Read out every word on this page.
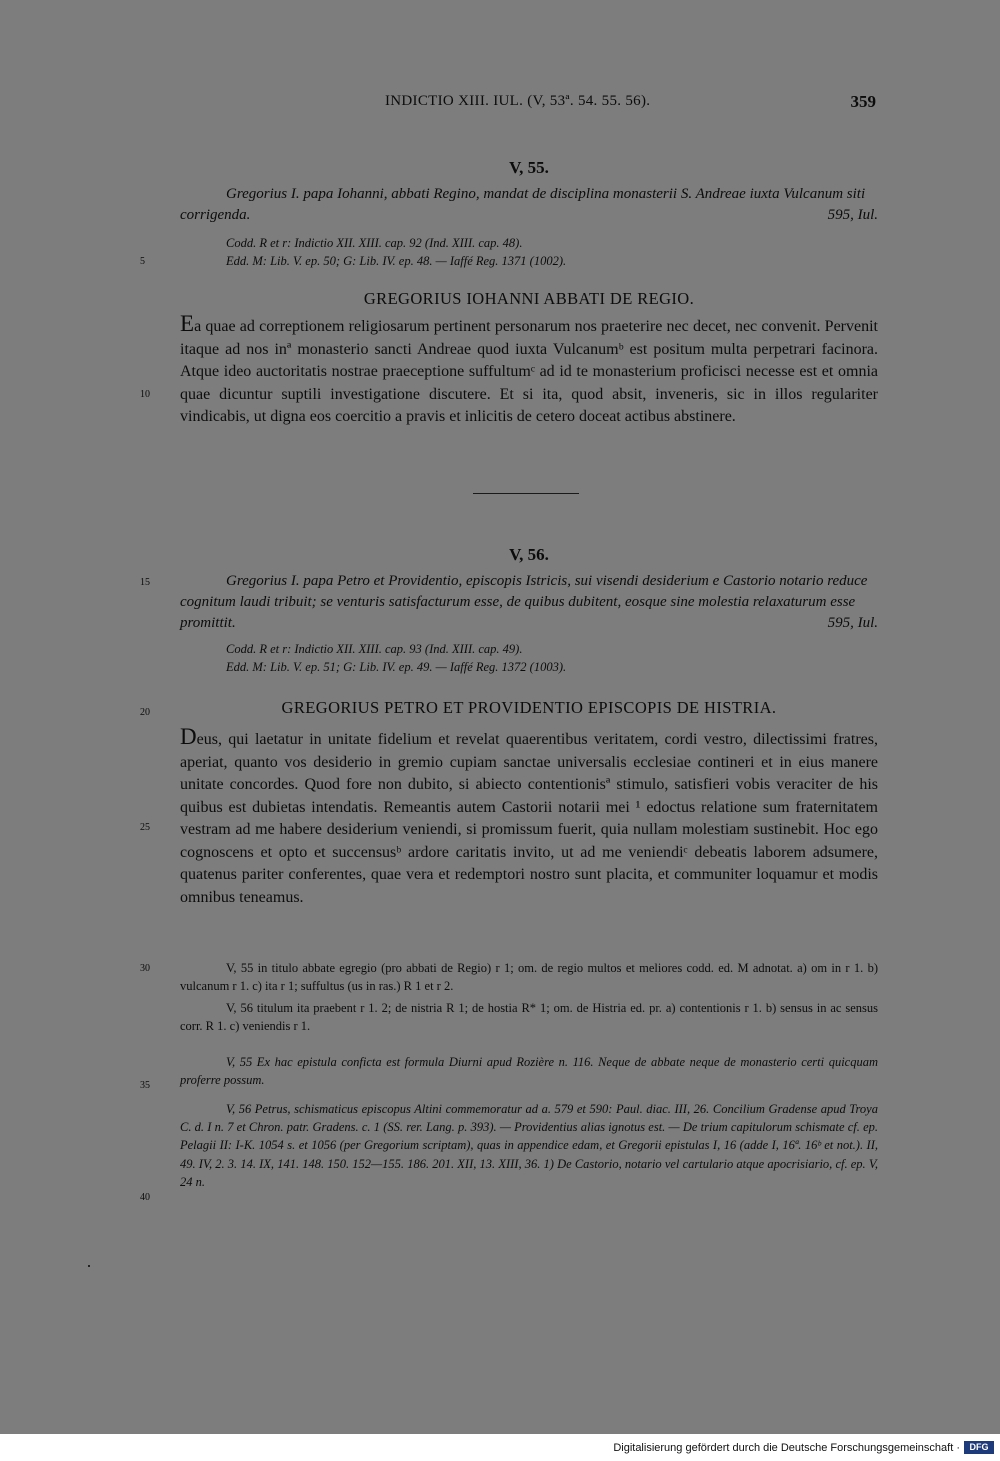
INDICTIO XIII. IUL. (V, 53ª. 54. 55. 56).	359
5
10
15
20
25
30
35
40
V, 55.

Gregorius I. papa Iohanni, abbati Regino, mandat de disciplina monasterii S. Andreae iuxta Vulcanum siti corrigenda.	595, Iul.

Codd. R et r: Indictio XII. XIII. cap. 92 (Ind. XIII. cap. 48).

Edd. M: Lib. V. ep. 50; G: Lib. IV. ep. 48. — Iaffé Reg. 1371 (1002).

GREGORIUS IOHANNI ABBATI DE REGIO.

Ea quae ad correptionem religiosarum pertinent personarum nos praeterire nec decet, nec convenit. Pervenit itaque ad nos inª monasterio sancti Andreae quod iuxta Vulcanumᵇ est positum multa perpetrari facinora. Atque ideo auctoritatis nostrae praeceptione suffultumᶜ ad id te monasterium proficisci necesse est et omnia quae dicuntur suptili investigatione discutere. Et si ita, quod absit, inveneris, sic in illos regulariter vindicabis, ut digna eos coercitio a pravis et inlicitis de cetero doceat actibus abstinere.

V, 56.

Gregorius I. papa Petro et Providentio, episcopis Istricis, sui visendi desiderium e Castorio notario reduce cognitum laudi tribuit; se venturis satisfacturum esse, de quibus dubitent, eosque sine molestia relaxaturum esse promittit.	595, Iul.

Codd. R et r: Indictio XII. XIII. cap. 93 (Ind. XIII. cap. 49).

Edd. M: Lib. V. ep. 51; G: Lib. IV. ep. 49. — Iaffé Reg. 1372 (1003).

GREGORIUS PETRO ET PROVIDENTIO EPISCOPIS DE HISTRIA.

Deus, qui laetatur in unitate fidelium et revelat quaerentibus veritatem, cordi vestro, dilectissimi fratres, aperiat, quanto vos desiderio in gremio cupiam sanctae universalis ecclesiae contineri et in eius manere unitate concordes. Quod fore non dubito, si abiecto contentionisª stimulo, satisfieri vobis veraciter de his quibus est dubietas intendatis. Remeantis autem Castorii notarii mei ¹ edoctus relatione sum fraternitatem vestram ad me habere desiderium veniendi, si promissum fuerit, quia nullam molestiam sustinebit. Hoc ego cognoscens et opto et succensusᵇ ardore caritatis invito, ut ad me veniendiᶜ debeatis laborem adsumere, quatenus pariter conferentes, quae vera et redemptori nostro sunt placita, et communiter loquamur et modis omnibus teneamus.

V, 55 in titulo abbate egregio (pro abbati de Regio) r 1; om. de regio multos et meliores codd. ed. M adnotat. a) om in r 1. b) vulcanum r 1. c) ita r 1; suffultus (us in ras.) R 1 et r 2.

V, 56 titulum ita praebent r 1. 2; de nistria R 1; de hostia R* 1; om. de Histria ed. pr. a) contentionis r 1. b) sensus in ac sensus corr. R 1. c) veniendis r 1.

V, 55 Ex hac epistula conficta est formula Diurni apud Rozière n. 116. Neque de abbate neque de monasterio certi quicquam proferre possum.

V, 56 Petrus, schismaticus episcopus Altini commemoratur ad a. 579 et 590: Paul. diac. III, 26. Concilium Gradense apud Troya C. d. I n. 7 et Chron. patr. Gradens. c. 1 (SS. rer. Lang. p. 393). — Providentius alias ignotus est. — De trium capitulorum schismate cf. ep. Pelagii II: I-K. 1054 s. et 1056 (per Gregorium scriptam), quas in appendice edam, et Gregorii epistulas I, 16 (adde I, 16ª. 16ᵇ et not.). II, 49. IV, 2. 3. 14. IX, 141. 148. 150. 152—155. 186. 201. XII, 13. XIII, 36. 1) De Castorio, notario vel cartulario atque apocrisiario, cf. ep. V, 24 n.

Digitalisierung gefördert durch die Deutsche Forschungsgemeinschaft ·	DFG
